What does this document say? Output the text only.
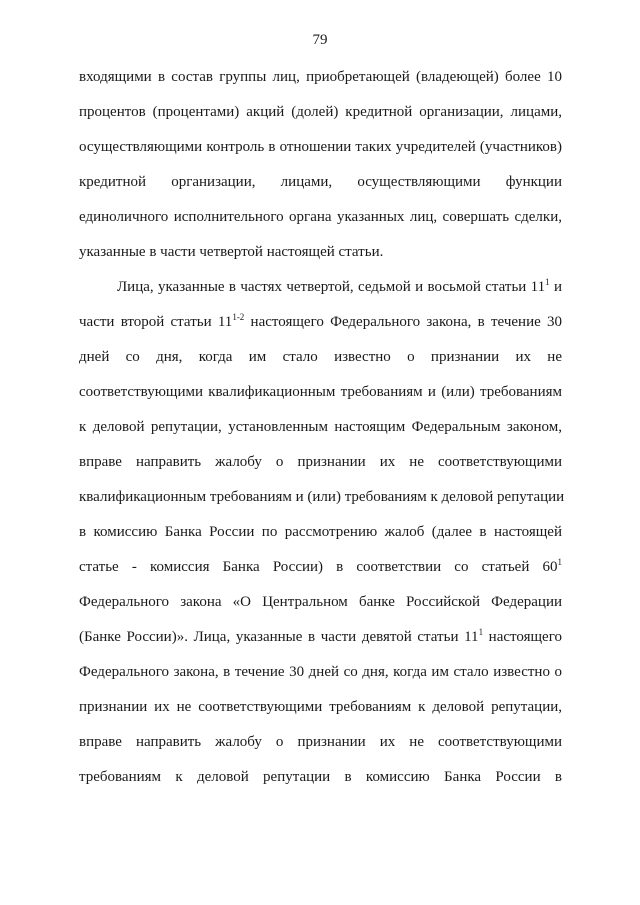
79
входящими в состав группы лиц, приобретающей (владеющей) более 10
процентов (процентами) акций (долей) кредитной организации, лицами,
осуществляющими контроль в отношении таких учредителей (участников)
кредитной организации, лицами, осуществляющими функции
единоличного исполнительного органа указанных лиц, совершать сделки,
указанные в части четвертой настоящей статьи.
Лица, указанные в частях четвертой, седьмой и восьмой статьи $11^1$ и
части второй статьи 11$^{1-2}$ настоящего Федерального закона, в течение 30
дней со дня, когда им стало известно о признании их не
соответствующими квалификационным требованиям и (или) требованиям
к деловой репутации, установленным настоящим Федеральным законом,
вправе направить жалобу о признании их не соответствующими
квалификационным требованиям и (или) требованиям к деловой репутации
в комиссию Банка России по рассмотрению жалоб (далее в настоящей
статье - комиссия Банка России) в соответствии со статьей $60^1$
Федерального закона «О Центральном банке Российской Федерации
(Банке России)». Лица, указанные в части девятой статьи $11^1$ настоящего
Федерального закона, в течение 30 дней со дня, когда им стало известно о
признании их не соответствующими требованиям к деловой репутации,
вправе направить жалобу о признании их не соответствующими
требованиям к деловой репутации в комиссию Банка России в
